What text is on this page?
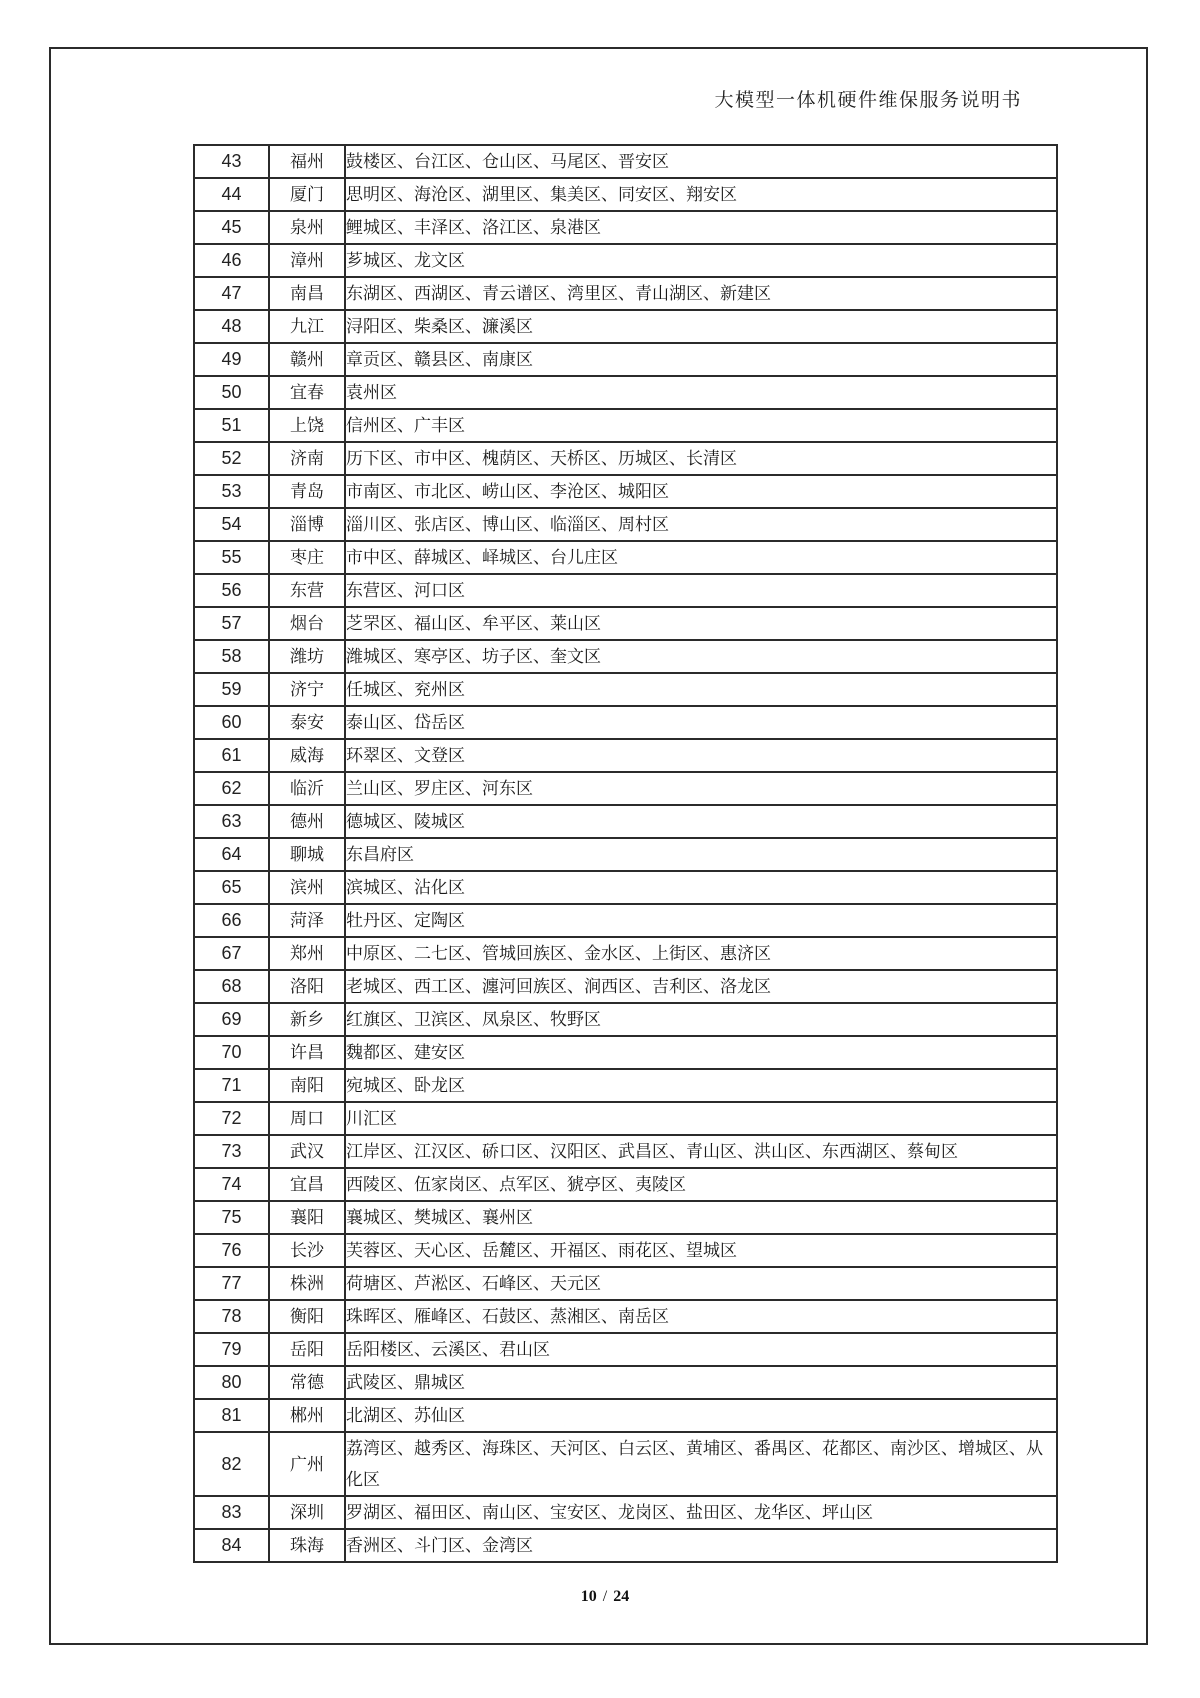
大模型一体机硬件维保服务说明书
43	福州	鼓楼区、台江区、仓山区、马尾区、晋安区
44	厦门	思明区、海沧区、湖里区、集美区、同安区、翔安区
45	泉州	鲤城区、丰泽区、洛江区、泉港区
46	漳州	芗城区、龙文区
47	南昌	东湖区、西湖区、青云谱区、湾里区、青山湖区、新建区
48	九江	浔阳区、柴桑区、濂溪区
49	赣州	章贡区、赣县区、南康区
50	宜春	袁州区
51	上饶	信州区、广丰区
52	济南	历下区、市中区、槐荫区、天桥区、历城区、长清区
53	青岛	市南区、市北区、崂山区、李沧区、城阳区
54	淄博	淄川区、张店区、博山区、临淄区、周村区
55	枣庄	市中区、薛城区、峄城区、台儿庄区
56	东营	东营区、河口区
57	烟台	芝罘区、福山区、牟平区、莱山区
58	潍坊	潍城区、寒亭区、坊子区、奎文区
59	济宁	任城区、兖州区
60	泰安	泰山区、岱岳区
61	威海	环翠区、文登区
62	临沂	兰山区、罗庄区、河东区
63	德州	德城区、陵城区
64	聊城	东昌府区
65	滨州	滨城区、沾化区
66	菏泽	牡丹区、定陶区
67	郑州	中原区、二七区、管城回族区、金水区、上街区、惠济区
68	洛阳	老城区、西工区、瀍河回族区、涧西区、吉利区、洛龙区
69	新乡	红旗区、卫滨区、凤泉区、牧野区
70	许昌	魏都区、建安区
71	南阳	宛城区、卧龙区
72	周口	川汇区
73	武汉	江岸区、江汉区、硚口区、汉阳区、武昌区、青山区、洪山区、东西湖区、蔡甸区
74	宜昌	西陵区、伍家岗区、点军区、猇亭区、夷陵区
75	襄阳	襄城区、樊城区、襄州区
76	长沙	芙蓉区、天心区、岳麓区、开福区、雨花区、望城区
77	株洲	荷塘区、芦淞区、石峰区、天元区
78	衡阳	珠晖区、雁峰区、石鼓区、蒸湘区、南岳区
79	岳阳	岳阳楼区、云溪区、君山区
80	常德	武陵区、鼎城区
81	郴州	北湖区、苏仙区
82	广州	荔湾区、越秀区、海珠区、天河区、白云区、黄埔区、番禺区、花都区、南沙区、增城区、从化区
83	深圳	罗湖区、福田区、南山区、宝安区、龙岗区、盐田区、龙华区、坪山区
84	珠海	香洲区、斗门区、金湾区
10 / 24
